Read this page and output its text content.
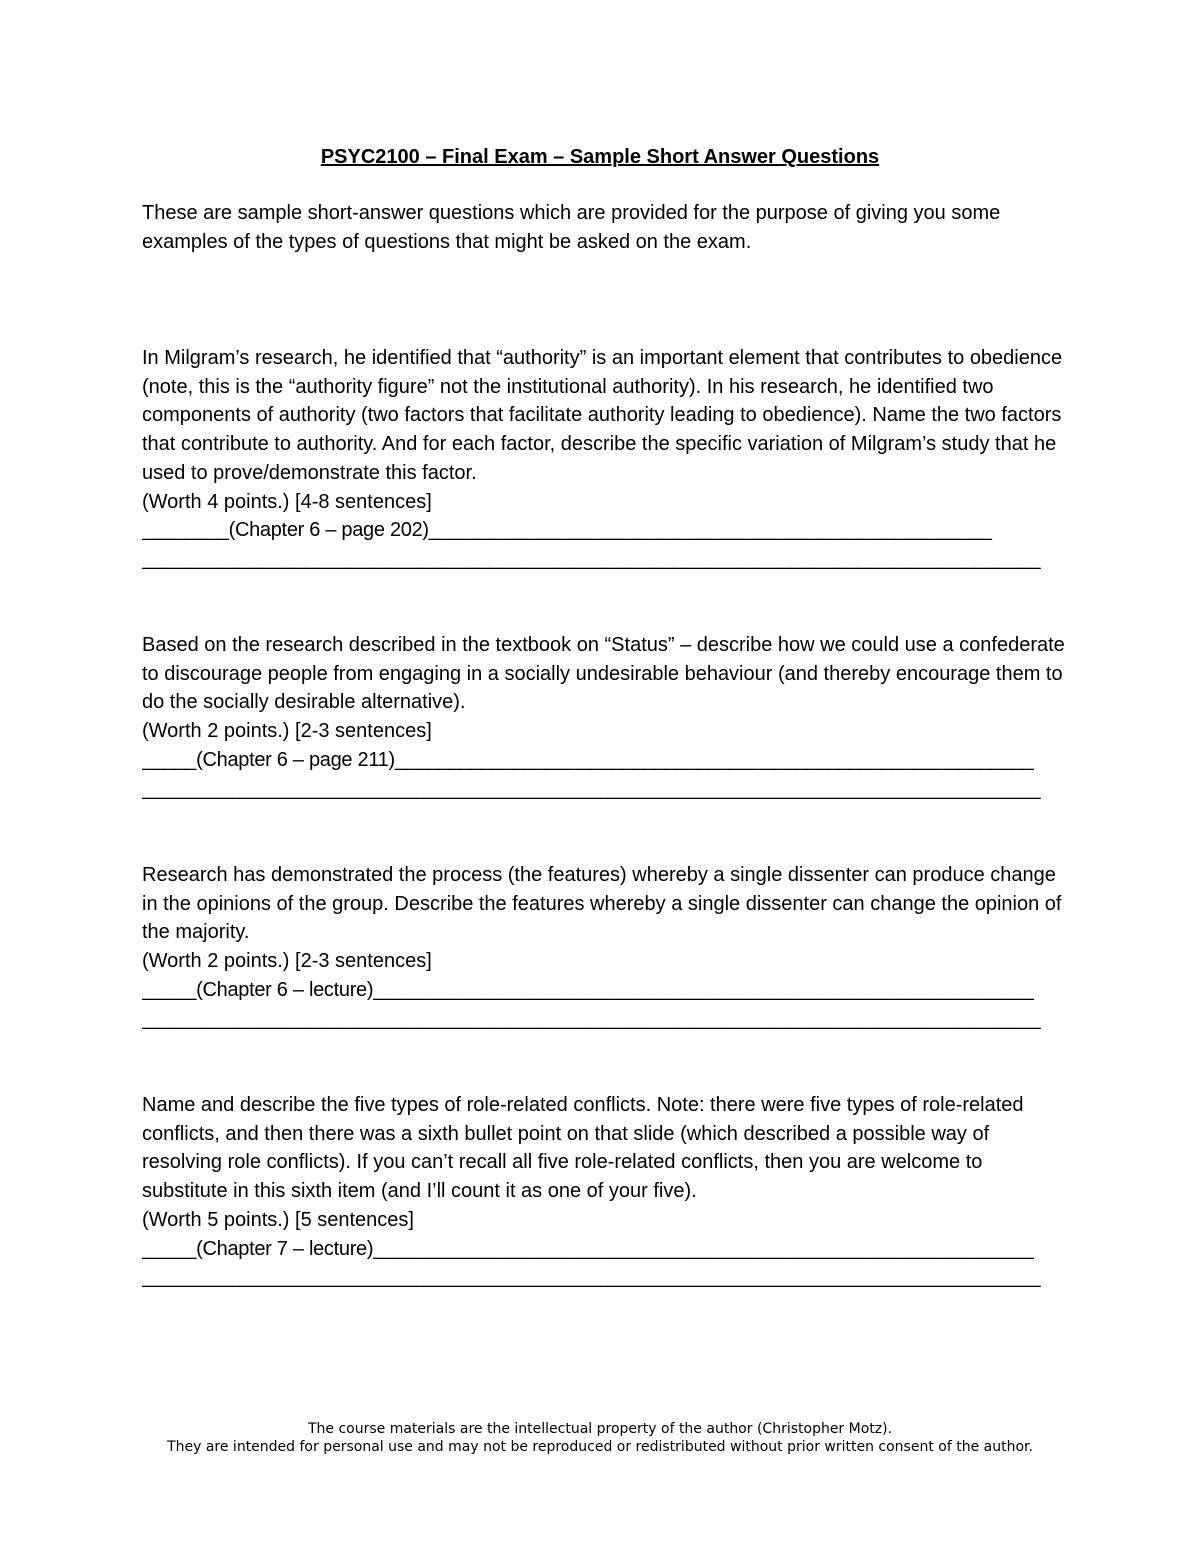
PSYC2100 – Final Exam – Sample Short Answer Questions

These are sample short-answer questions which are provided for the purpose of giving you some examples of the types of questions that might be asked on the exam.

In Milgram’s research, he identified that “authority” is an important element that contributes to obedience (note, this is the “authority figure” not the institutional authority). In his research, he identified two components of authority (two factors that facilitate authority leading to obedience). Name the two factors that contribute to authority. And for each factor, describe the specific variation of Milgram’s study that he used to prove/demonstrate this factor.

(Worth 4 points.) [4-8 sentences]

________(Chapter 6 – page 202)____________________________________________________
___________________________________________________________________________________

Based on the research described in the textbook on “Status” – describe how we could use a confederate to discourage people from engaging in a socially undesirable behaviour (and thereby encourage them to do the socially desirable alternative).

(Worth 2 points.) [2-3 sentences]

_____(Chapter 6 – page 211)___________________________________________________________
___________________________________________________________________________________

Research has demonstrated the process (the features) whereby a single dissenter can produce change in the opinions of the group. Describe the features whereby a single dissenter can change the opinion of the majority.

(Worth 2 points.) [2-3 sentences]

_____(Chapter 6 – lecture)_____________________________________________________________
___________________________________________________________________________________

Name and describe the five types of role-related conflicts. Note: there were five types of role-related conflicts, and then there was a sixth bullet point on that slide (which described a possible way of resolving role conflicts). If you can’t recall all five role-related conflicts, then you are welcome to substitute in this sixth item (and I’ll count it as one of your five).

(Worth 5 points.) [5 sentences]

_____(Chapter 7 – lecture)_____________________________________________________________
___________________________________________________________________________________

The course materials are the intellectual property of the author (Christopher Motz).

They are intended for personal use and may not be reproduced or redistributed without prior written consent of the author.
